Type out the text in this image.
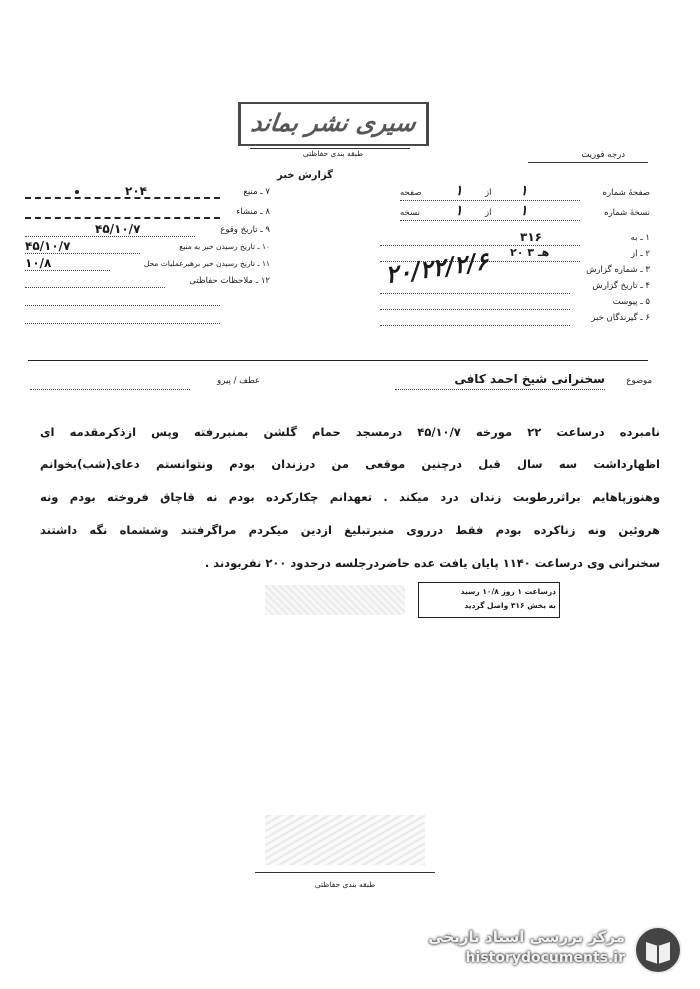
سیری نشر بماند
طبقه بندی حفاظتی	درجه فوریت
گزارش خبر
صفحهٔ شماره
۱
از
۱
صفحه
نسخهٔ شماره
۱
از
۱
نسخه
۱ ـ به
۳۱۶
۲ ـ از
۲۰ هـ ۳
۳ ـ شماره گزارش
۲۰/۲۲/۲/۶	۴ ـ تاریخ گزارش
۵ ـ پیوست
۶ ـ گیرندگان خبر
۷ ـ منبع
۲۰۴
۸ ـ منشاء
۹ ـ تاریخ وقوع
۴۵/۱۰/۷
۱۰ ـ تاریخ رسیدن خبر به منبع
۴۵/۱۰/۷
۱۱ ـ تاریخ رسیدن خبر برهبرعملیات محل
۱۰/۸
۱۲ ـ ملاحظات حفاظتی
موضوع
سخنرانی شیخ احمد کافی
عطف / پیرو
نامبرده درساعت ۲۲ مورخه ۴۵/۱۰/۷ درمسجد حمام گلشن بمنبررفته وپس ازذکرمقدمه ای
اظهارداشت سه سال قبل درچنین موقعی من درزندان بودم ونتوانستم دعای(شب)بخوانم
وهنوزپاهایم براثررطوبت زندان درد میکند . تعهدانم چکارکرده بودم نه قاچاق فروخته بودم ونه
هروئین ونه زناکرده بودم فقط درروی منبرتبلیغ ازدین میکردم مراگرفتند وششماه نگه داشتند
سخنرانی وی درساعت ۱۱۴۰ پایان یافت عده حاضردرجلسه درحدود ۲۰۰ نفربودند .
درساعت ۱ روز ۱۰/۸ رسید
به بخش ۳۱۶ واصل گردید
طبقه بندی حفاظتی
مرکز بررسی اسناد تاریخی
historydocuments.ir
